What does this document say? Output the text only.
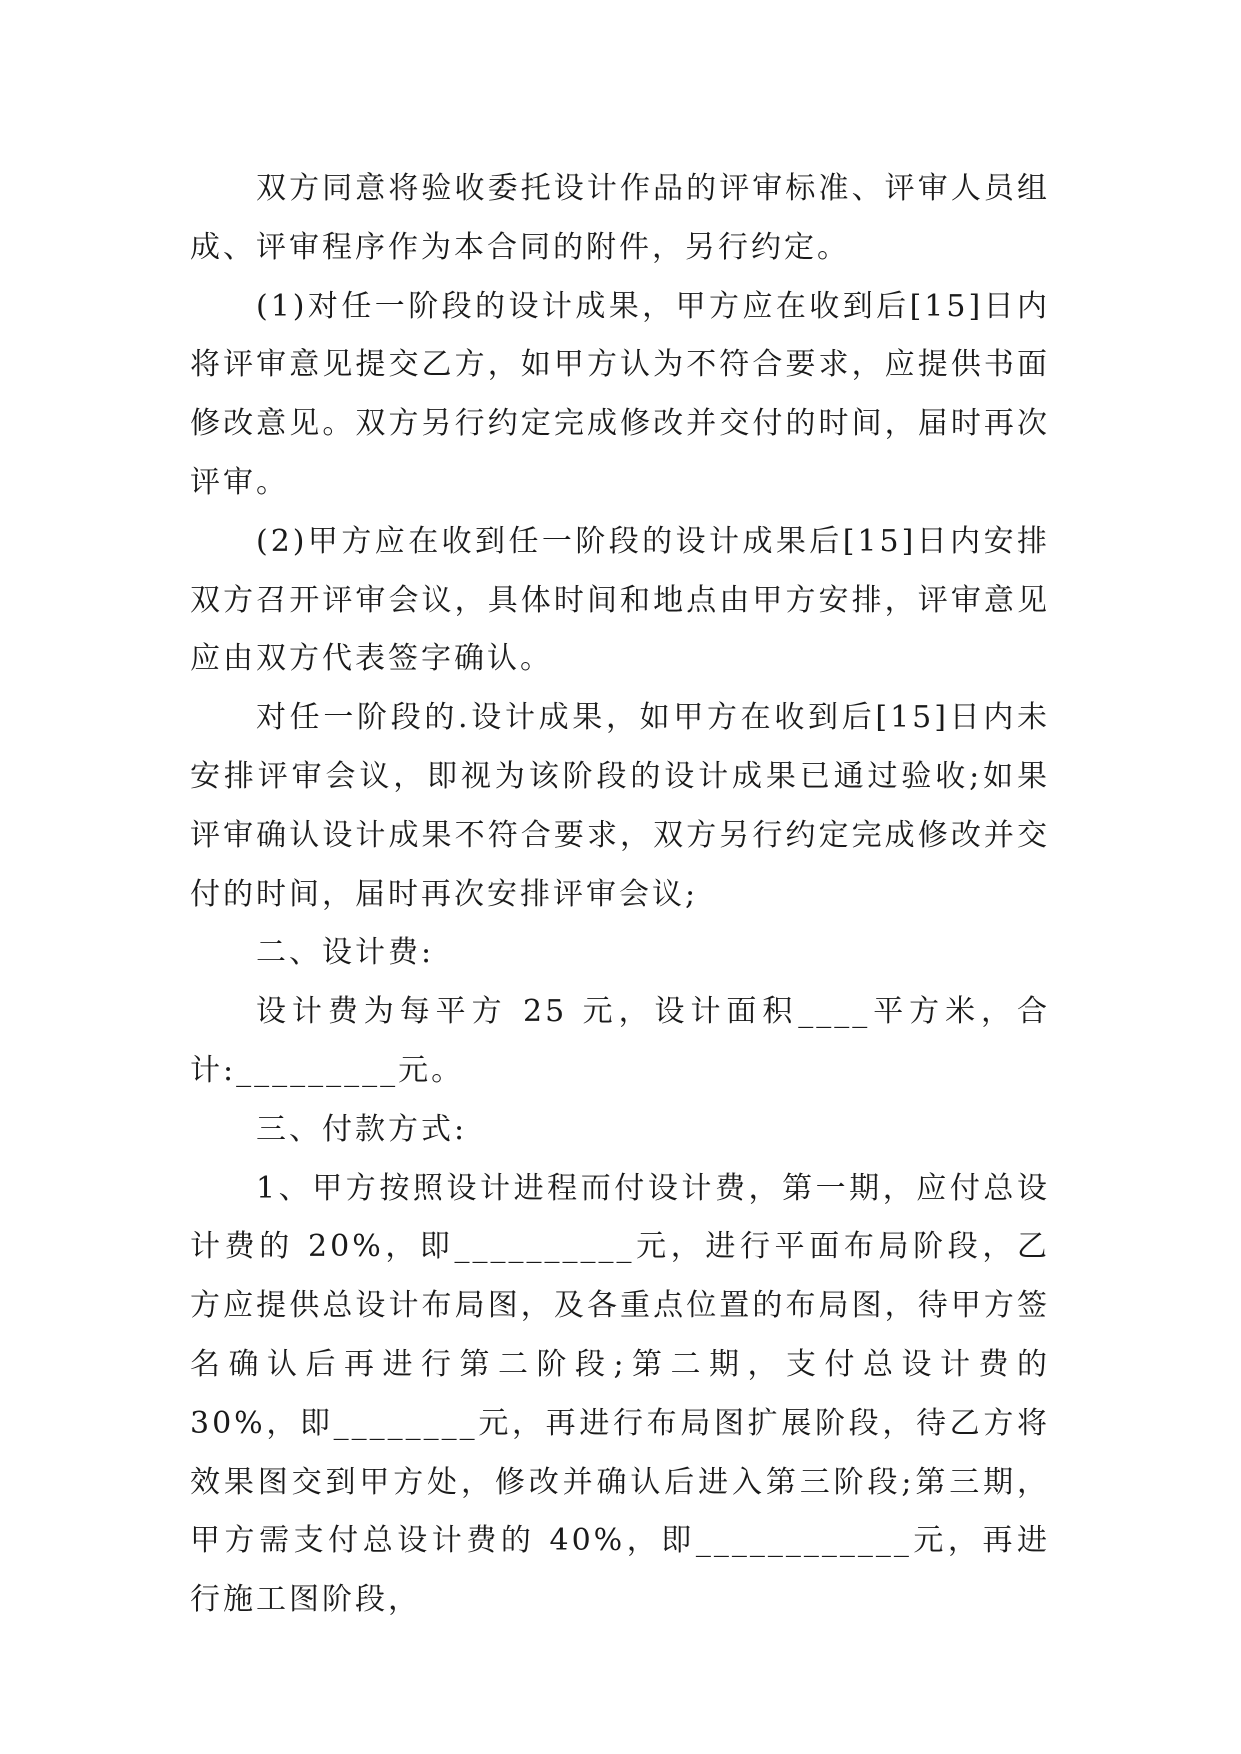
双方同意将验收委托设计作品的评审标准、评审人员组成、评审程序作为本合同的附件，另行约定。

(1)对任一阶段的设计成果，甲方应在收到后[15]日内将评审意见提交乙方，如甲方认为不符合要求，应提供书面修改意见。双方另行约定完成修改并交付的时间，届时再次评审。

(2)甲方应在收到任一阶段的设计成果后[15]日内安排双方召开评审会议，具体时间和地点由甲方安排，评审意见应由双方代表签字确认。

对任一阶段的.设计成果，如甲方在收到后[15]日内未安排评审会议，即视为该阶段的设计成果已通过验收;如果评审确认设计成果不符合要求，双方另行约定完成修改并交付的时间，届时再次安排评审会议;

二、设计费:

设计费为每平方 25 元，设计面积____平方米，合计:_________元。

三、付款方式:

1、甲方按照设计进程而付设计费，第一期，应付总设计费的 20%，即__________元，进行平面布局阶段，乙方应提供总设计布局图，及各重点位置的布局图，待甲方签名确认后再进行第二阶段;第二期，支付总设计费的 30%，即________元，再进行布局图扩展阶段，待乙方将效果图交到甲方处，修改并确认后进入第三阶段;第三期，甲方需支付总设计费的 40%，即____________元，再进行施工图阶段，
